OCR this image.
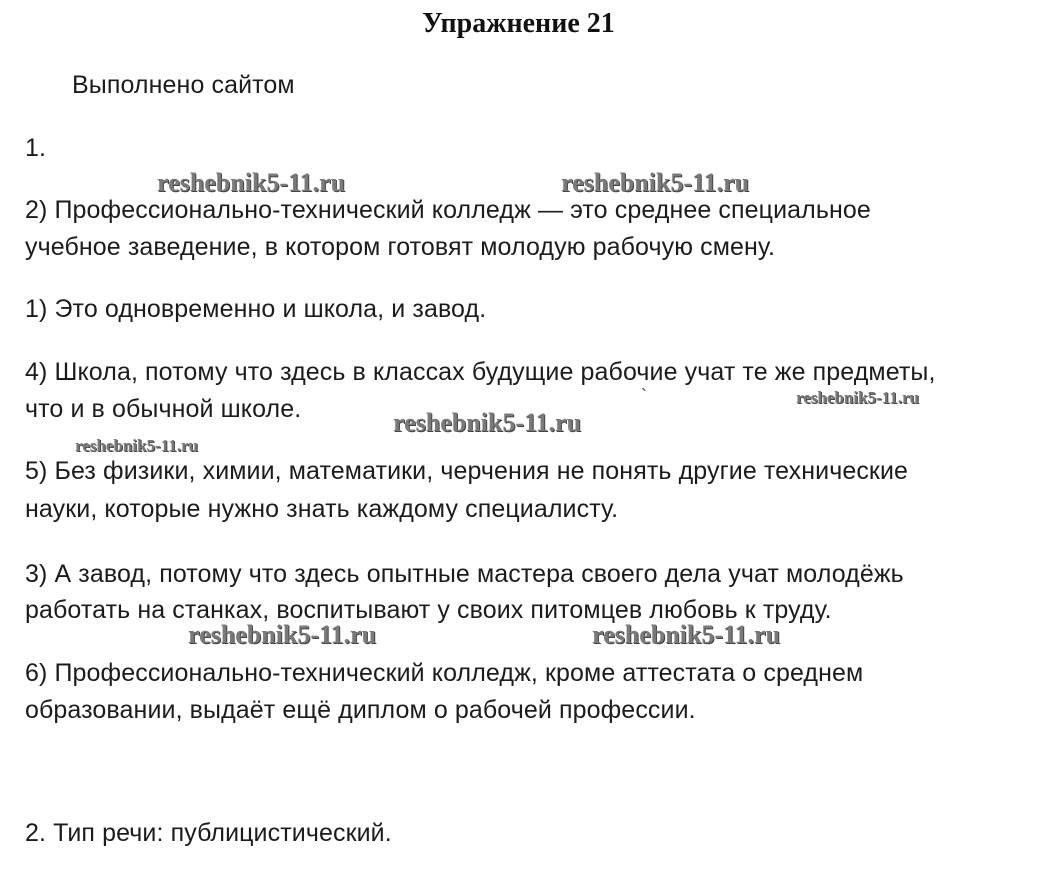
Упражнение 21
Выполнено сайтом
1.
2) Профессионально-технический колледж — это среднее специальное
учебное заведение, в котором готовят молодую рабочую смену.
1) Это одновременно и школа, и завод.
4) Школа, потому что здесь в классах будущие рабочие учат те же предметы,
что и в обычной школе.
5) Без физики, химии, математики, черчения не понять другие технические
науки, которые нужно знать каждому специалисту.
3) А завод, потому что здесь опытные мастера своего дела учат молодёжь
работать на станках, воспитывают у своих питомцев любовь к труду.
6) Профессионально-технический колледж, кроме аттестата о среднем
образовании, выдаёт ещё диплом о рабочей профессии.
2. Тип речи: публицистический.
reshebnik5-11.ru	reshebnik5-11.ru
reshebnik5-11.ru
reshebnik5-11.ru
reshebnik5-11.ru
reshebnik5-11.ru	reshebnik5-11.ru
`
